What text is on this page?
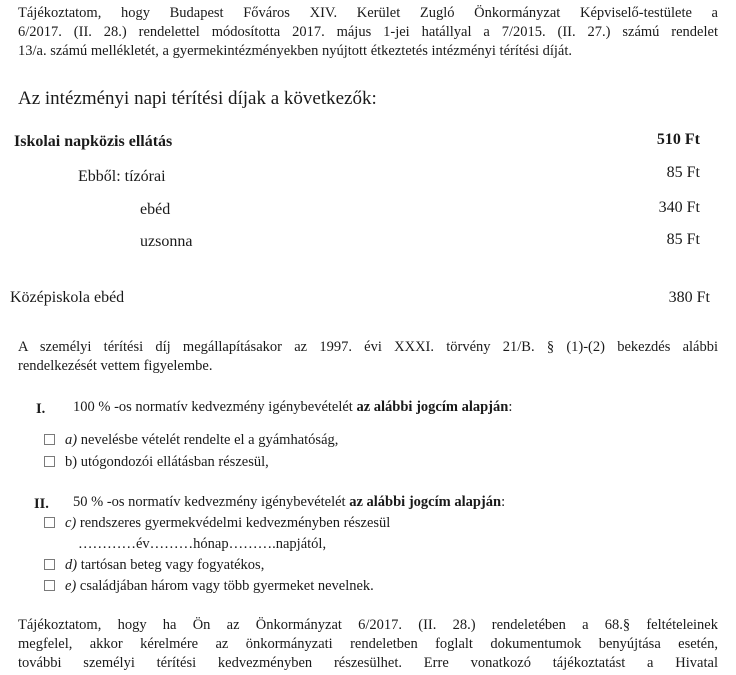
Tájékoztatom, hogy Budapest Főváros XIV. Kerület Zugló Önkormányzat Képviselő-testülete a
6/2017. (II. 28.) rendelettel módosította 2017. május 1-jei hatállyal a 7/2015. (II. 27.) számú rendelet
13/a. számú mellékletét, a gyermekintézményekben nyújtott étkeztetés intézményi térítési díját.
Az intézményi napi térítési díjak a következők:
Iskolai napközis ellátás	510 Ft
Ebből: tízórai	85 Ft
ebéd	340 Ft
uzsonna	85 Ft
Középiskola ebéd	380 Ft
A személyi térítési díj megállapításakor az 1997. évi XXXI. törvény 21/B. § (1)-(2) bekezdés alábbi
rendelkezését vettem figyelembe.
I. 100 % -os normatív kedvezmény igénybevételét az alábbi jogcím alapján:
a) nevelésbe vételét rendelte el a gyámhatóság,
b) utógondozói ellátásban részesül,
II. 50 % -os normatív kedvezmény igénybevételét az alábbi jogcím alapján:
c) rendszeres gyermekvédelmi kedvezményben részesül
…………év………hónap……….napjától,
d) tartósan beteg vagy fogyatékos,
e) családjában három vagy több gyermeket nevelnek.
Tájékoztatom, hogy ha Ön az Önkormányzat 6/2017. (II. 28.) rendeletében a 68.§ feltételeinek
megfelel, akkor kérelmére az önkormányzati rendeletben foglalt dokumentumok benyújtása esetén,
további személyi térítési kedvezményben részesülhet. Erre vonatkozó tájékoztatást a Hivatal
